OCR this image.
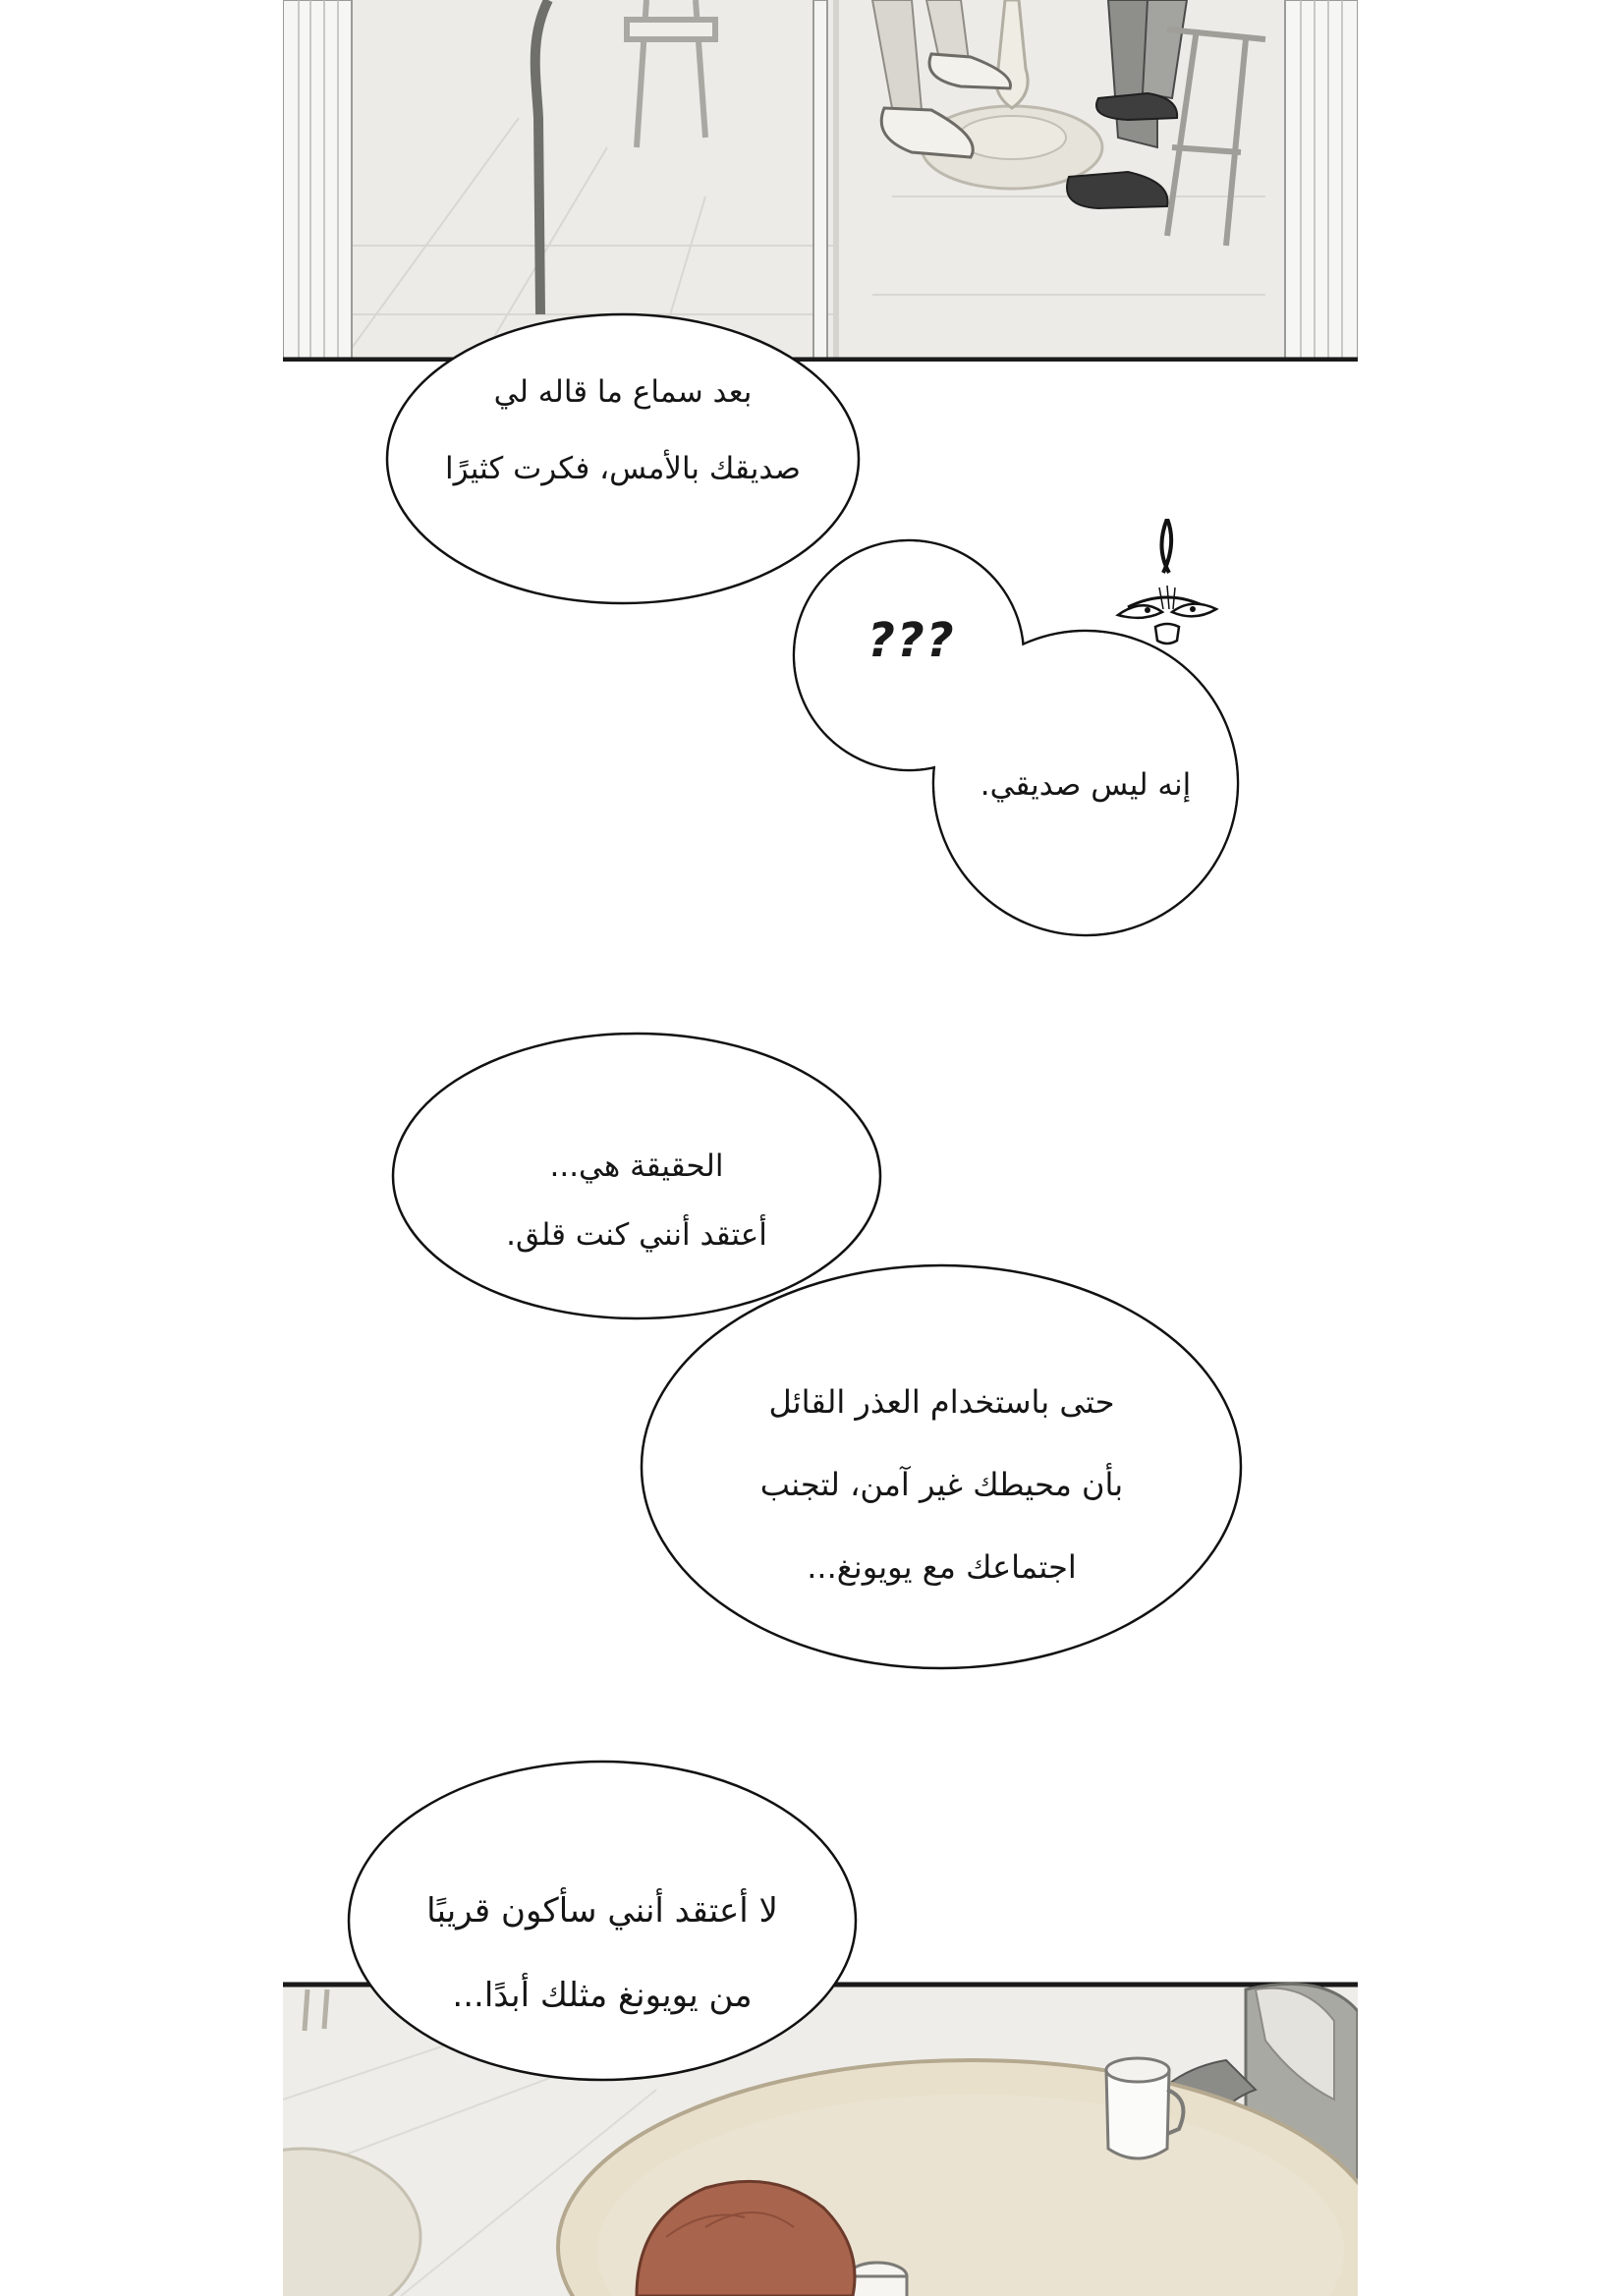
بعد سماع ما قاله لي
صديقك بالأمس، فكرت كثيرًا
???
إنه ليس صديقي.
الحقيقة هي...
أعتقد أنني كنت قلق.
حتى باستخدام العذر القائل
بأن محيطك غير آمن، لتجنب
اجتماعك مع يويونغ...
لا أعتقد أنني سأكون قريبًا
من يويونغ مثلك أبدًا...
